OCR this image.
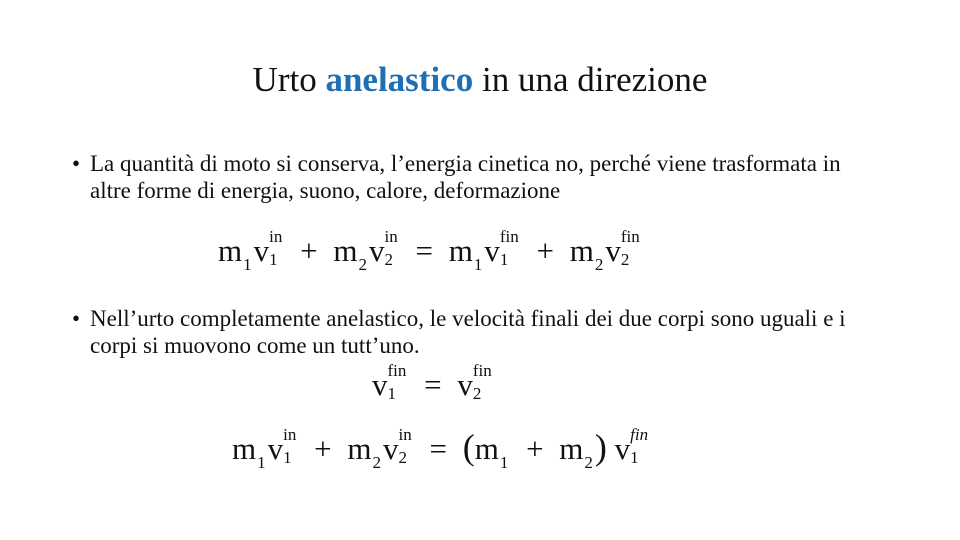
Urto anelastico in una direzione
• La quantità di moto si conserva, l’energia cinetica no, perché viene trasformata in altre forme di energia, suono, calore, deformazione
$m_1v$ in
$1 + m_2v$ in
$2 = m_1v$ fin
$1 + m_2v$ fin
2
• Nell’urto completamente anelastico, le velocità finali dei due corpi sono uguali e i corpi si muovono come un tutt’uno.
v fin
1 = v fin
2
$m_1v$ in
$1 + m_2v$ in
$2 = (m_1 + m_2)$ v fin
1
